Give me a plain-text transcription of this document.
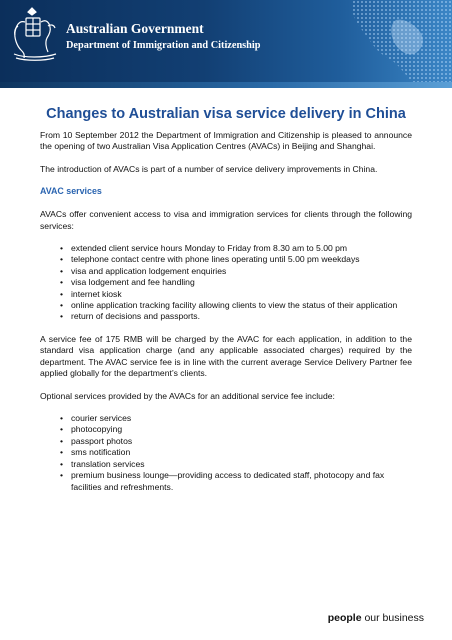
Australian Government
Department of Immigration and Citizenship
Changes to Australian visa service delivery in China

From 10 September 2012 the Department of Immigration and Citizenship is pleased to announce the opening of two Australian Visa Application Centres (AVACs) in Beijing and Shanghai.

The introduction of AVACs is part of a number of service delivery improvements in China.

AVAC services

AVACs offer convenient access to visa and immigration services for clients through the following services:

• extended client service hours Monday to Friday from 8.30 am to 5.00 pm
• telephone contact centre with phone lines operating until 5.00 pm weekdays
• visa and application lodgement enquiries
• visa lodgement and fee handling
• internet kiosk
• online application tracking facility allowing clients to view the status of their application
• return of decisions and passports.

A service fee of 175 RMB will be charged by the AVAC for each application, in addition to the standard visa application charge (and any applicable associated charges) required by the department. The AVAC service fee is in line with the current average Service Delivery Partner fee applied globally for the department’s clients.

Optional services provided by the AVACs for an additional service fee include:

• courier services
• photocopying
• passport photos
• sms notification
• translation services
• premium business lounge—providing access to dedicated staff, photocopy and fax facilities and refreshments.
people our business
